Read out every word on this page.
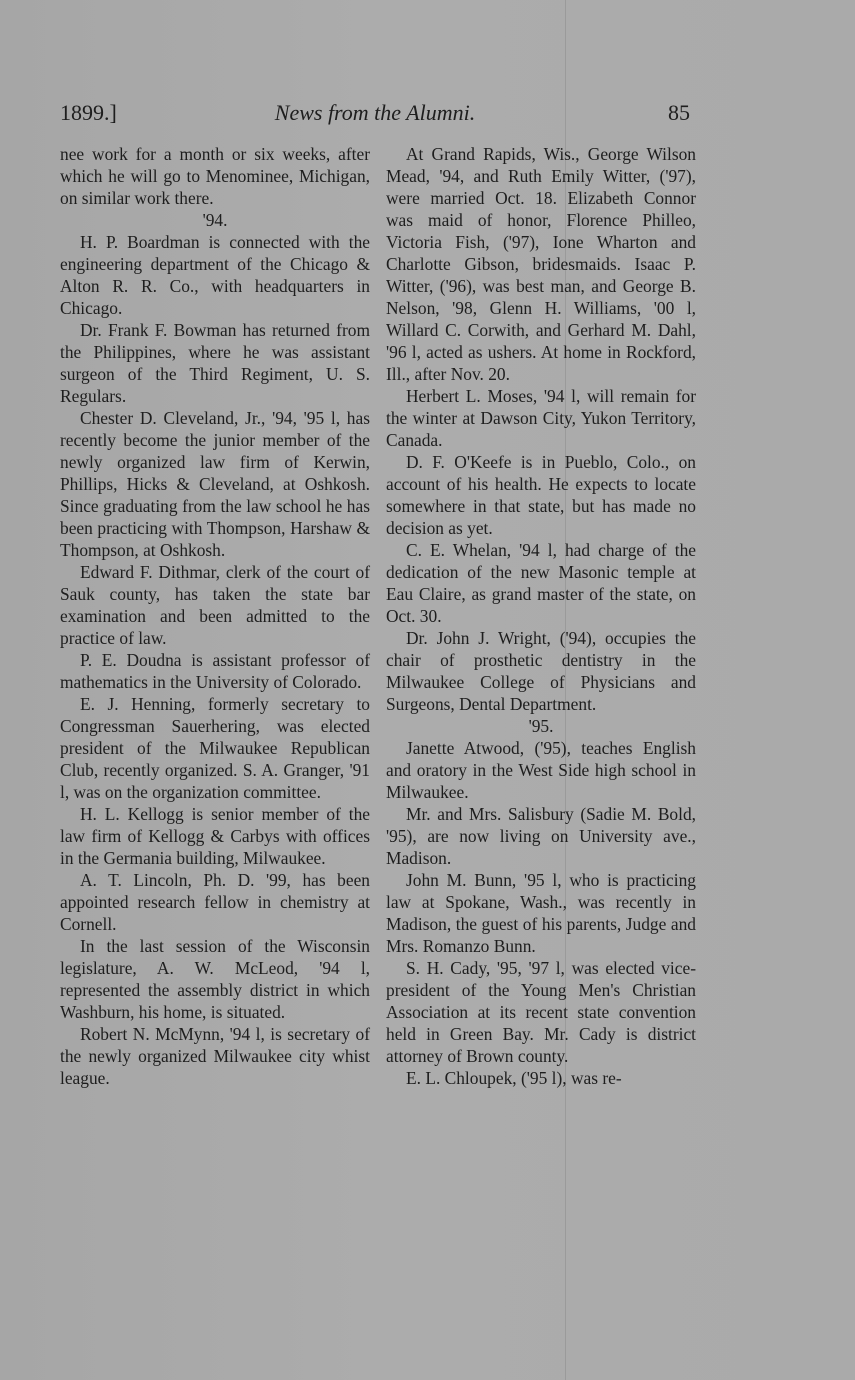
1899.]	News from the Alumni.	85

nee work for a month or six weeks, after which he will go to Menominee, Michigan, on similar work there.

'94.

H. P. Boardman is connected with the engineering department of the Chicago & Alton R. R. Co., with headquarters in Chicago.

Dr. Frank F. Bowman has returned from the Philippines, where he was assistant surgeon of the Third Regiment, U. S. Regulars.

Chester D. Cleveland, Jr., '94, '95 l, has recently become the junior member of the newly organized law firm of Kerwin, Phillips, Hicks & Cleveland, at Oshkosh. Since graduating from the law school he has been practicing with Thompson, Harshaw & Thompson, at Oshkosh.

Edward F. Dithmar, clerk of the court of Sauk county, has taken the state bar examination and been admitted to the practice of law.

P. E. Doudna is assistant professor of mathematics in the University of Colorado.

E. J. Henning, formerly secretary to Congressman Sauerhering, was elected president of the Milwaukee Republican Club, recently organized. S. A. Granger, '91 l, was on the organization committee.

H. L. Kellogg is senior member of the law firm of Kellogg & Carbys with offices in the Germania building, Milwaukee.

A. T. Lincoln, Ph. D. '99, has been appointed research fellow in chemistry at Cornell.

In the last session of the Wisconsin legislature, A. W. McLeod, '94 l, represented the assembly district in which Washburn, his home, is situated.

Robert N. McMynn, '94 l, is secretary of the newly organized Milwaukee city whist league.

At Grand Rapids, Wis., George Wilson Mead, '94, and Ruth Emily Witter, ('97), were married Oct. 18. Elizabeth Connor was maid of honor, Florence Philleo, Victoria Fish, ('97), Ione Wharton and Charlotte Gibson, bridesmaids. Isaac P. Witter, ('96), was best man, and George B. Nelson, '98, Glenn H. Williams, '00 l, Willard C. Corwith, and Gerhard M. Dahl, '96 l, acted as ushers. At home in Rockford, Ill., after Nov. 20.

Herbert L. Moses, '94 l, will remain for the winter at Dawson City, Yukon Territory, Canada.

D. F. O'Keefe is in Pueblo, Colo., on account of his health. He expects to locate somewhere in that state, but has made no decision as yet.

C. E. Whelan, '94 l, had charge of the dedication of the new Masonic temple at Eau Claire, as grand master of the state, on Oct. 30.

Dr. John J. Wright, ('94), occupies the chair of prosthetic dentistry in the Milwaukee College of Physicians and Surgeons, Dental Department.

'95.

Janette Atwood, ('95), teaches English and oratory in the West Side high school in Milwaukee.

Mr. and Mrs. Salisbury (Sadie M. Bold, '95), are now living on University ave., Madison.

John M. Bunn, '95 l, who is practicing law at Spokane, Wash., was recently in Madison, the guest of his parents, Judge and Mrs. Romanzo Bunn.

S. H. Cady, '95, '97 l, was elected vice-president of the Young Men's Christian Association at its recent state convention held in Green Bay. Mr. Cady is district attorney of Brown county.

E. L. Chloupek, ('95 l), was re-
